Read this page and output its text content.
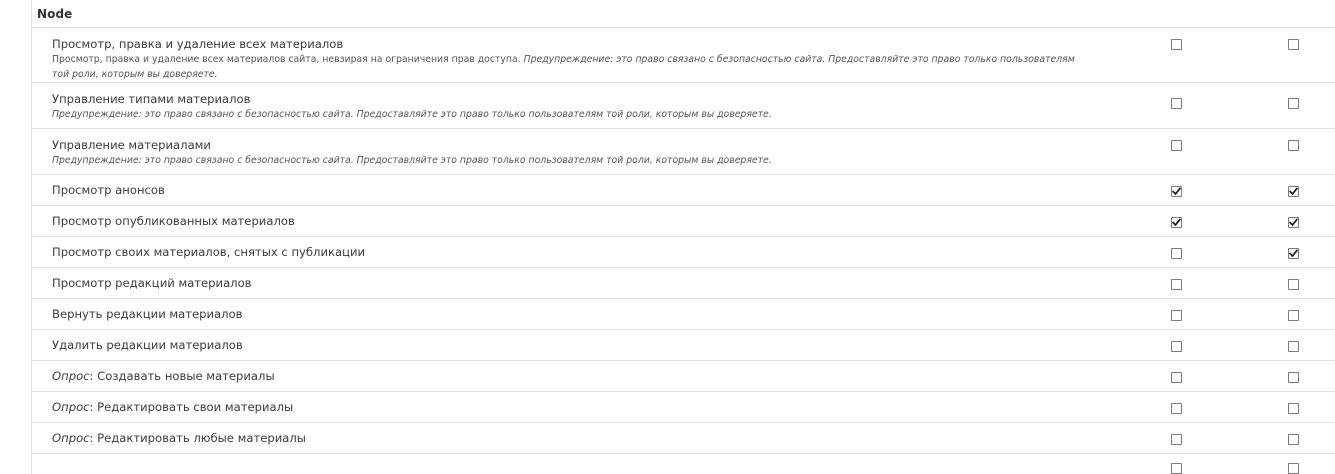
Node
Просмотр, правка и удаление всех материалов
Просмотр, правка и удаление всех материалов сайта, невзирая на ограничения прав доступа. Предупреждение: это право связано с безопасностью сайта. Предоставляйте это право только пользователям той роли, которым вы доверяете.
Управление типами материалов
Предупреждение: это право связано с безопасностью сайта. Предоставляйте это право только пользователям той роли, которым вы доверяете.
Управление материалами
Предупреждение: это право связано с безопасностью сайта. Предоставляйте это право только пользователям той роли, которым вы доверяете.
Просмотр анонсов
Просмотр опубликованных материалов
Просмотр своих материалов, снятых с публикации
Просмотр редакций материалов
Вернуть редакции материалов
Удалить редакции материалов
Опрос: Создавать новые материалы
Опрос: Редактировать свои материалы
Опрос: Редактировать любые материалы
